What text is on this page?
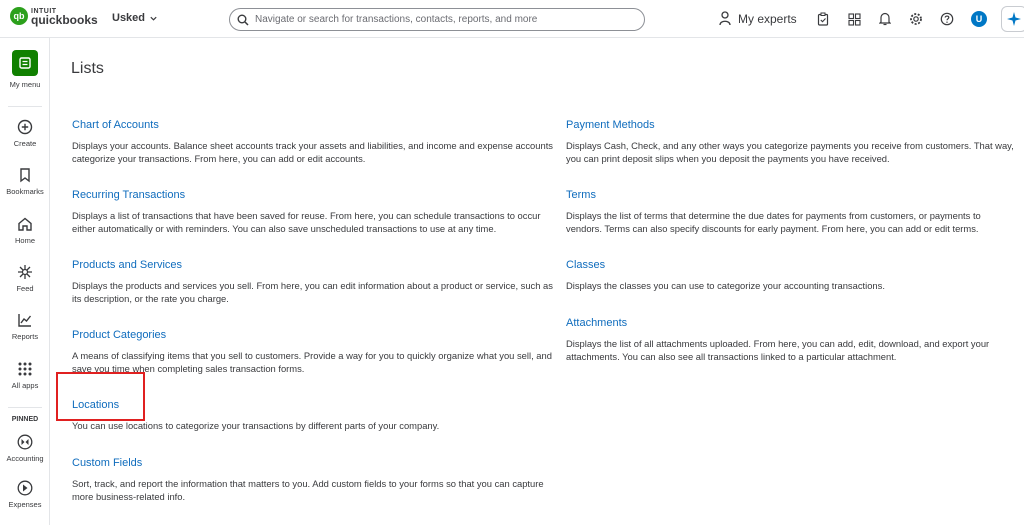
qb INTUIT
quickbooks Usked
Navigate or search for transactions, contacts, reports, and more	My experts	U
My menu
Create
Bookmarks
Home
Feed
Reports
All apps
PINNED
Accounting
Expenses
Lists
Chart of Accounts
Displays your accounts. Balance sheet accounts track your assets and liabilities, and income and expense accounts categorize your transactions. From here, you can add or edit accounts.
Recurring Transactions
Displays a list of transactions that have been saved for reuse. From here, you can schedule transactions to occur either automatically or with reminders. You can also save unscheduled transactions to use at any time.
Products and Services
Displays the products and services you sell. From here, you can edit information about a product or service, such as its description, or the rate you charge.
Product Categories
A means of classifying items that you sell to customers. Provide a way for you to quickly organize what you sell, and save you time when completing sales transaction forms.
Locations
You can use locations to categorize your transactions by different parts of your company.
Custom Fields
Sort, track, and report the information that matters to you. Add custom fields to your forms so that you can capture more business-related info.
Payment Methods
Displays Cash, Check, and any other ways you categorize payments you receive from customers. That way, you can print deposit slips when you deposit the payments you have received.
Terms
Displays the list of terms that determine the due dates for payments from customers, or payments to vendors. Terms can also specify discounts for early payment. From here, you can add or edit terms.
Classes
Displays the classes you can use to categorize your accounting transactions.
Attachments
Displays the list of all attachments uploaded. From here, you can add, edit, download, and export your attachments. You can also see all transactions linked to a particular attachment.
